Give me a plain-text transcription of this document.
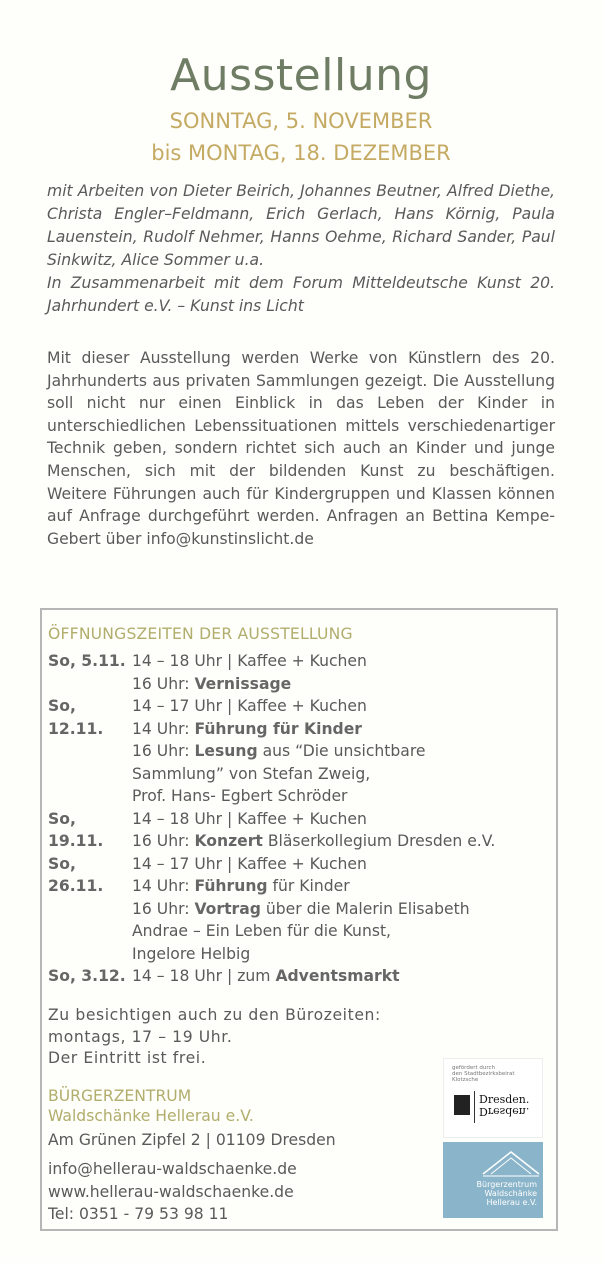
Ausstellung
SONNTAG, 5. NOVEMBER
bis MONTAG, 18. DEZEMBER

mit Arbeiten von Dieter Beirich, Johannes Beutner, Alfred Diethe, Christa Engler–Feldmann, Erich Gerlach, Hans Körnig, Paula Lauenstein, Rudolf Nehmer, Hanns Oehme, Richard Sander, Paul Sinkwitz, Alice Sommer u.a.

In Zusammenarbeit mit dem Forum Mitteldeutsche Kunst 20. Jahrhundert e.V. – Kunst ins Licht

Mit dieser Ausstellung werden Werke von Künstlern des 20. Jahrhunderts aus privaten Sammlungen gezeigt. Die Ausstellung soll nicht nur einen Einblick in das Leben der Kinder in unterschiedlichen Lebenssituationen mittels verschiedenartiger Technik geben, sondern richtet sich auch an Kinder und junge Menschen, sich mit der bildenden Kunst zu beschäftigen. Weitere Führungen auch für Kindergruppen und Klassen können auf Anfrage durchgeführt werden. Anfragen an Bettina Kempe-Gebert über info@kunstinslicht.de
ÖFFNUNGSZEITEN DER AUSSTELLUNG
So, 5.11. 14 – 18 Uhr | Kaffee + Kuchen
16 Uhr: Vernissage
So, 12.11.
14 – 17 Uhr | Kaffee + Kuchen
14 Uhr: Führung für Kinder
16 Uhr: Lesung aus “Die unsichtbare
Sammlung” von Stefan Zweig,
Prof. Hans- Egbert Schröder
So, 19.11.
14 – 18 Uhr | Kaffee + Kuchen
16 Uhr: Konzert Bläserkollegium Dresden e.V.
So, 26.11.
14 – 17 Uhr | Kaffee + Kuchen
14 Uhr: Führung für Kinder
16 Uhr: Vortrag über die Malerin Elisabeth
Andrae – Ein Leben für die Kunst,
Ingelore Helbig
So, 3.12. 14 – 18 Uhr | zum Adventsmarkt
Zu besichtigen auch zu den Bürozeiten:
montags, 17 – 19 Uhr.
Der Eintritt ist frei.
BÜRGERZENTRUM
Waldschänke Hellerau e.V.
Am Grünen Zipfel 2 | 01109 Dresden
info@hellerau-waldschaenke.de
www.hellerau-waldschaenke.de
Tel: 0351 - 79 53 98 11
gefördert durch
den Stadtbezirksbeirat
Klotzsche
Dresden.
Dresden.
Bürgerzentrum
Waldschänke
Hellerau e.V.
